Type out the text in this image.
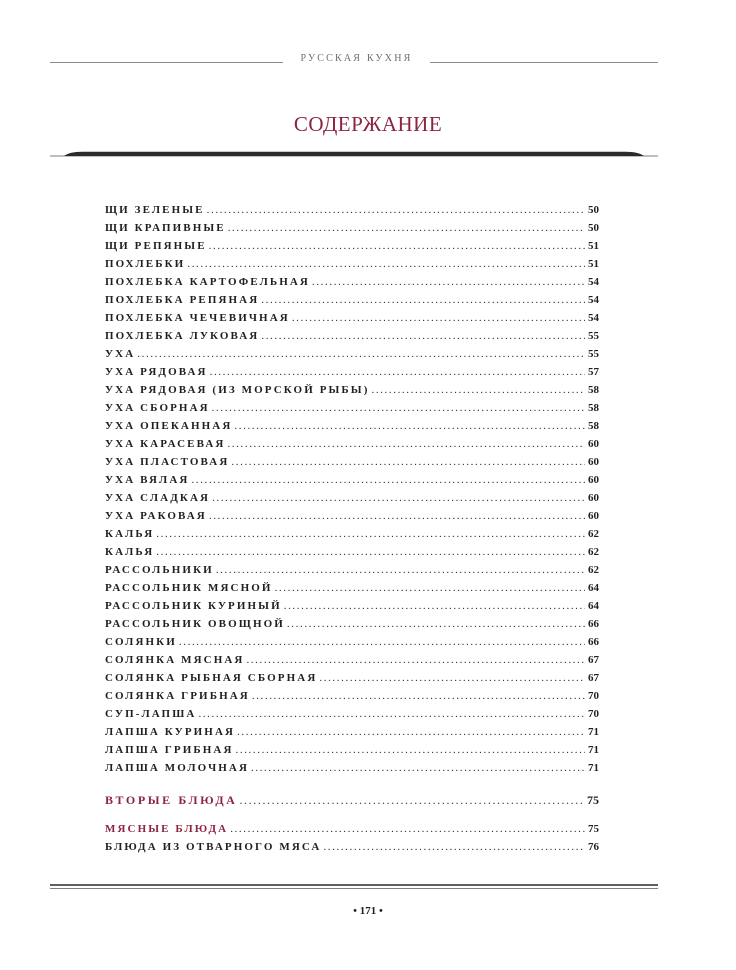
РУССКАЯ КУХНЯ
СОДЕРЖАНИЕ
ЩИ ЗЕЛЕНЫЕ .....	50
ЩИ КРАПИВНЫЕ .....	50
ЩИ РЕПЯНЫЕ .....	51
ПОХЛЕБКИ .....	51
ПОХЛЕБКА КАРТОФЕЛЬНАЯ .....	54
ПОХЛЕБКА РЕПЯНАЯ .....	54
ПОХЛЕБКА ЧЕЧЕВИЧНАЯ .....	54
ПОХЛЕБКА ЛУКОВАЯ .....	55
УХА .....	55
УХА РЯДОВАЯ .....	57
УХА РЯДОВАЯ (ИЗ МОРСКОЙ РЫБЫ) .....	58
УХА СБОРНАЯ .....	58
УХА ОПЕКАННАЯ .....	58
УХА КАРАСЕВАЯ .....	60
УХА ПЛАСТОВАЯ .....	60
УХА ВЯЛАЯ .....	60
УХА СЛАДКАЯ .....	60
УХА РАКОВАЯ .....	60
КАЛЬЯ .....	62
КАЛЬЯ .....	62
РАССОЛЬНИКИ .....	62
РАССОЛЬНИК МЯСНОЙ .....	64
РАССОЛЬНИК КУРИНЫЙ .....	64
РАССОЛЬНИК ОВОЩНОЙ .....	66
СОЛЯНКИ .....	66
СОЛЯНКА МЯСНАЯ .....	67
СОЛЯНКА РЫБНАЯ СБОРНАЯ .....	67
СОЛЯНКА ГРИБНАЯ .....	70
СУП-ЛАПША .....	70
ЛАПША КУРИНАЯ .....	71
ЛАПША ГРИБНАЯ .....	71
ЛАПША МОЛОЧНАЯ .....	71
ВТОРЫЕ БЛЮДА .....	75
МЯСНЫЕ БЛЮДА .....	75
БЛЮДА ИЗ ОТВАРНОГО МЯСА .....	76
• 171 •
